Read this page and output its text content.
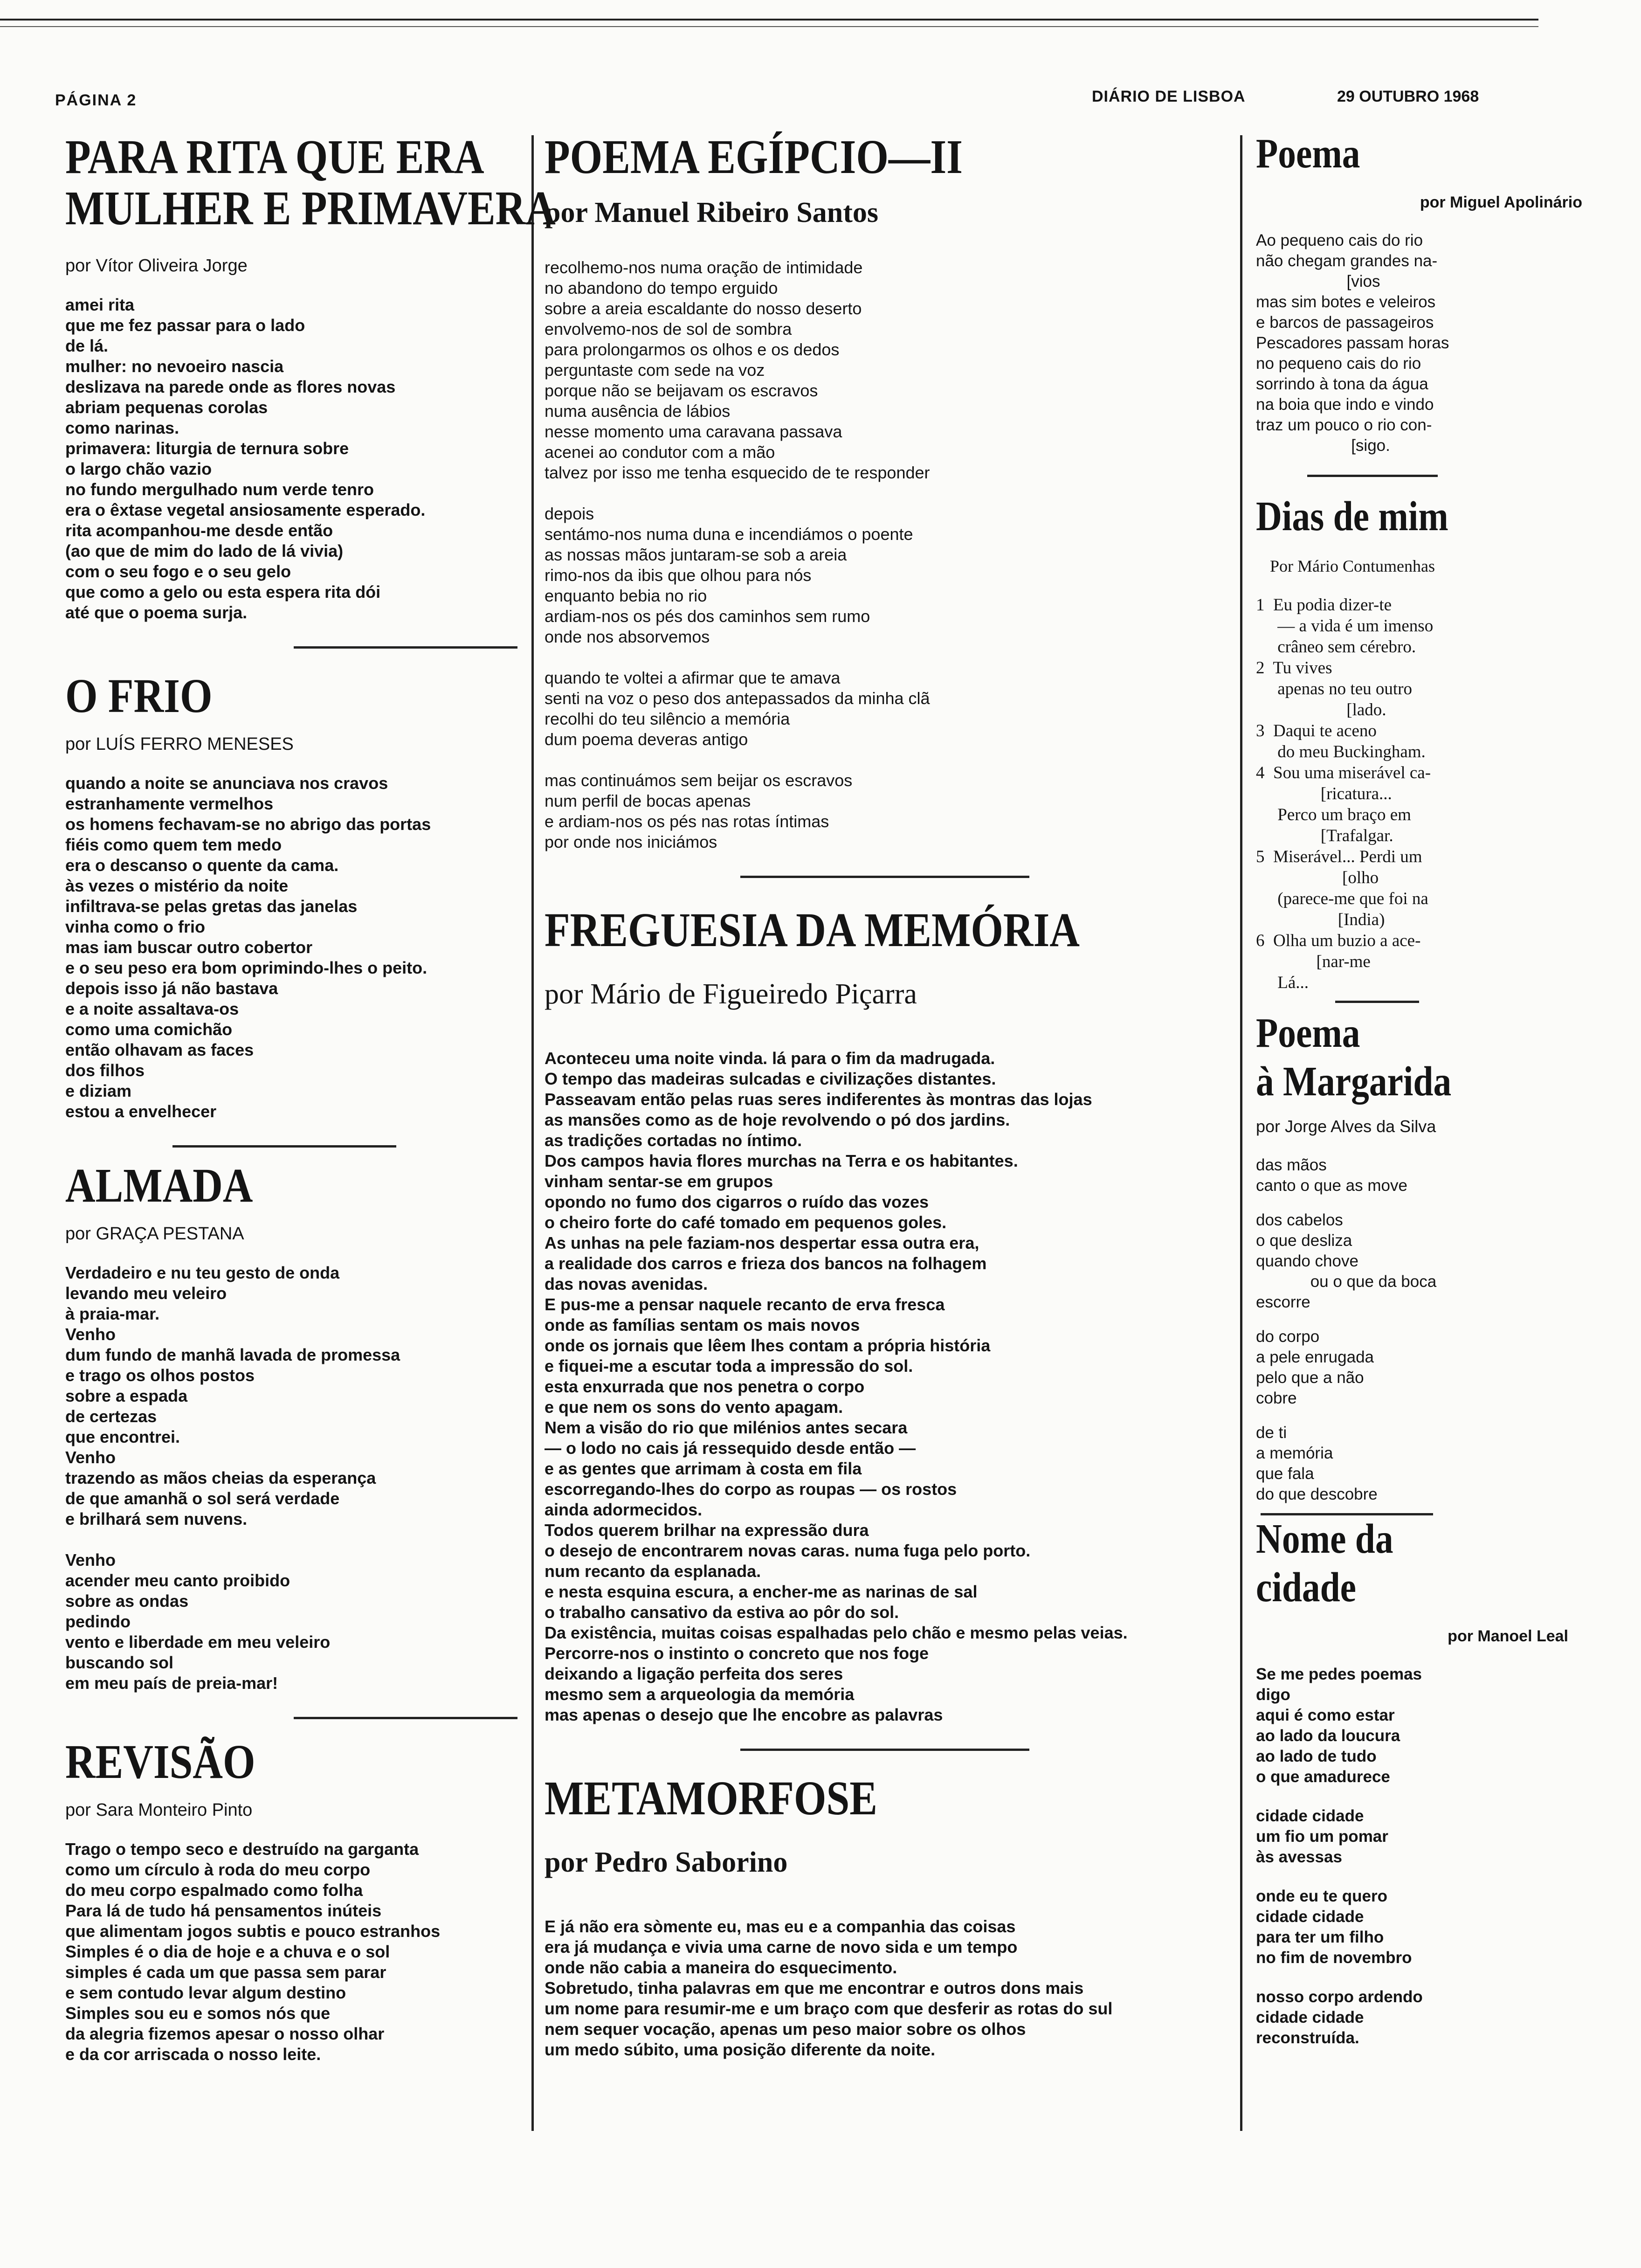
PÁGINA 2	DIÁRIO DE LISBOA	29 OUTUBRO 1968
PARA RITA QUE ERA
MULHER E PRIMAVERA

por Vítor Oliveira Jorge

amei rita
que me fez passar para o lado
de lá.
mulher: no nevoeiro nascia
deslizava na parede onde as flores novas
abriam pequenas corolas
como narinas.
primavera: liturgia de ternura sobre
o largo chão vazio
no fundo mergulhado num verde tenro
era o êxtase vegetal ansiosamente esperado.
rita acompanhou-me desde então
(ao que de mim do lado de lá vivia)
com o seu fogo e o seu gelo
que como a gelo ou esta espera rita dói
até que o poema surja.
O FRIO

por LUÍS FERRO MENESES

quando a noite se anunciava nos cravos
estranhamente vermelhos
os homens fechavam-se no abrigo das portas
fiéis como quem tem medo
era o descanso o quente da cama.
às vezes o mistério da noite
infiltrava-se pelas gretas das janelas
vinha como o frio
mas iam buscar outro cobertor
e o seu peso era bom oprimindo-lhes o peito.
depois isso já não bastava
e a noite assaltava-os
como uma comichão
então olhavam as faces
dos filhos
e diziam
estou a envelhecer
ALMADA

por GRAÇA PESTANA

Verdadeiro e nu teu gesto de onda
levando meu veleiro
à praia-mar.
Venho
dum fundo de manhã lavada de promessa
e trago os olhos postos
sobre a espada
de certezas
que encontrei.
Venho
trazendo as mãos cheias da esperança
de que amanhã o sol será verdade
e brilhará sem nuvens.
Venho
acender meu canto proibido
sobre as ondas
pedindo
vento e liberdade em meu veleiro
buscando sol
em meu país de preia-mar!
REVISÃO

por Sara Monteiro Pinto

Trago o tempo seco e destruído na garganta
como um círculo à roda do meu corpo
do meu corpo espalmado como folha
Para lá de tudo há pensamentos inúteis
que alimentam jogos subtis e pouco estranhos
Simples é o dia de hoje e a chuva e o sol
simples é cada um que passa sem parar
e sem contudo levar algum destino
Simples sou eu e somos nós que
da alegria fizemos apesar o nosso olhar
e da cor arriscada o nosso leite.
POEMA EGÍPCIO—II

por Manuel Ribeiro Santos

recolhemo-nos numa oração de intimidade
no abandono do tempo erguido
sobre a areia escaldante do nosso deserto
envolvemo-nos de sol de sombra
para prolongarmos os olhos e os dedos
perguntaste com sede na voz
porque não se beijavam os escravos
numa ausência de lábios
nesse momento uma caravana passava
acenei ao condutor com a mão
talvez por isso me tenha esquecido de te responder
depois
sentámo-nos numa duna e incendiámos o poente
as nossas mãos juntaram-se sob a areia
rimo-nos da ibis que olhou para nós
enquanto bebia no rio
ardiam-nos os pés dos caminhos sem rumo
onde nos absorvemos
quando te voltei a afirmar que te amava
senti na voz o peso dos antepassados da minha clã
recolhi do teu silêncio a memória
dum poema deveras antigo
mas continuámos sem beijar os escravos
num perfil de bocas apenas
e ardiam-nos os pés nas rotas íntimas
por onde nos iniciámos
FREGUESIA DA MEMÓRIA

por Mário de Figueiredo Piçarra

Aconteceu uma noite vinda. lá para o fim da madrugada.
O tempo das madeiras sulcadas e civilizações distantes.
Passeavam então pelas ruas seres indiferentes às montras das lojas
as mansões como as de hoje revolvendo o pó dos jardins.
as tradições cortadas no íntimo.
Dos campos havia flores murchas na Terra e os habitantes.
vinham sentar-se em grupos
opondo no fumo dos cigarros o ruído das vozes
o cheiro forte do café tomado em pequenos goles.
As unhas na pele faziam-nos despertar essa outra era,
a realidade dos carros e frieza dos bancos na folhagem
das novas avenidas.
E pus-me a pensar naquele recanto de erva fresca
onde as famílias sentam os mais novos
onde os jornais que lêem lhes contam a própria história
e fiquei-me a escutar toda a impressão do sol.
esta enxurrada que nos penetra o corpo
e que nem os sons do vento apagam.
Nem a visão do rio que milénios antes secara
— o lodo no cais já ressequido desde então —
e as gentes que arrimam à costa em fila
escorregando-lhes do corpo as roupas — os rostos
ainda adormecidos.
Todos querem brilhar na expressão dura
o desejo de encontrarem novas caras. numa fuga pelo porto.
num recanto da esplanada.
e nesta esquina escura, a encher-me as narinas de sal
o trabalho cansativo da estiva ao pôr do sol.
Da existência, muitas coisas espalhadas pelo chão e mesmo pelas veias.
Percorre-nos o instinto o concreto que nos foge
deixando a ligação perfeita dos seres
mesmo sem a arqueologia da memória
mas apenas o desejo que lhe encobre as palavras
METAMORFOSE

por Pedro Saborino

E já não era sòmente eu, mas eu e a companhia das coisas
era já mudança e vivia uma carne de novo sida e um tempo
onde não cabia a maneira do esquecimento.
Sobretudo, tinha palavras em que me encontrar e outros dons mais
um nome para resumir-me e um braço com que desferir as rotas do sul
nem sequer vocação, apenas um peso maior sobre os olhos
um medo súbito, uma posição diferente da noite.
Poema

por Miguel Apolinário

Ao pequeno cais do rio
não chegam grandes na-
[vios
mas sim botes e veleiros
e barcos de passageiros
Pescadores passam horas
no pequeno cais do rio
sorrindo à tona da água
na boia que indo e vindo
traz um pouco o rio con-
[sigo.
Dias de mim

Por Mário Contumenhas

1  Eu podia dizer-te
— a vida é um imenso
crâneo sem cérebro.
2  Tu vives
apenas no teu outro
[lado.
3  Daqui te aceno
do meu Buckingham.
4  Sou uma miserável ca-
[ricatura...
Perco um braço em
[Trafalgar.
5  Miserável... Perdi um
[olho
(parece-me que foi na
[India)
6  Olha um buzio a ace-
[nar-me
Lá...
Poema
à Margarida

por Jorge Alves da Silva

das mãos
canto o que as move
dos cabelos
o que desliza
quando chove
ou o que da boca
escorre
do corpo
a pele enrugada
pelo que a não
cobre
de ti
a memória
que fala
do que descobre
Nome da
cidade

por Manoel Leal

Se me pedes poemas
digo
aqui é como estar
ao lado da loucura
ao lado de tudo
o que amadurece
cidade cidade
um fio um pomar
às avessas
onde eu te quero
cidade cidade
para ter um filho
no fim de novembro
nosso corpo ardendo
cidade cidade
reconstruída.
